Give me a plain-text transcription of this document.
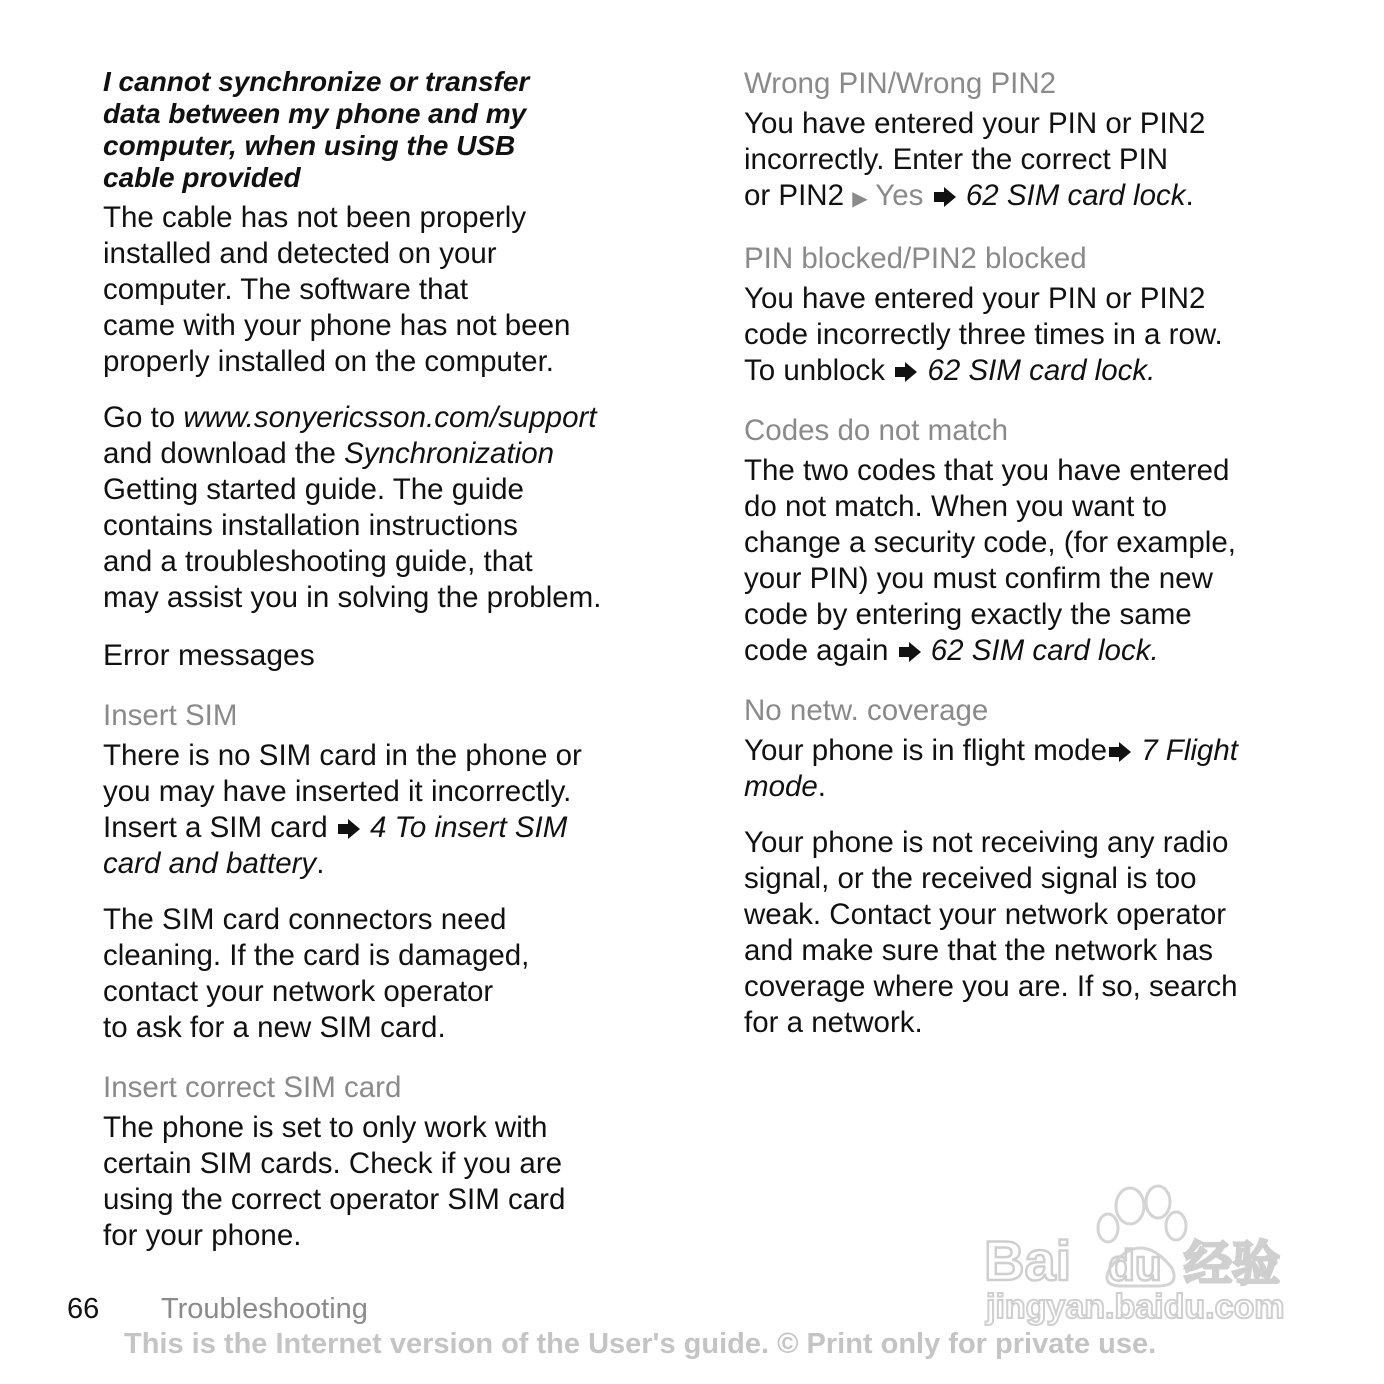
I cannot synchronize or transfer
data between my phone and my
computer, when using the USB
cable provided
The cable has not been properly
installed and detected on your
computer. The software that
came with your phone has not been
properly installed on the computer.
Go to www.sonyericsson.com/support
and download the Synchronization
Getting started guide. The guide
contains installation instructions
and a troubleshooting guide, that
may assist you in solving the problem.
Error messages
Insert SIM
There is no SIM card in the phone or
you may have inserted it incorrectly.
Insert a SIM card  4 To insert SIM
card and battery.
The SIM card connectors need
cleaning. If the card is damaged,
contact your network operator
to ask for a new SIM card.
Insert correct SIM card
The phone is set to only work with
certain SIM cards. Check if you are
using the correct operator SIM card
for your phone.
Wrong PIN/Wrong PIN2
You have entered your PIN or PIN2
incorrectly. Enter the correct PIN
or PIN2 ▶ Yes 62 SIM card lock.
PIN blocked/PIN2 blocked
You have entered your PIN or PIN2
code incorrectly three times in a row.
To unblock  62 SIM card lock.
Codes do not match
The two codes that you have entered
do not match. When you want to
change a security code, (for example,
your PIN) you must confirm the new
code by entering exactly the same
code again  62 SIM card lock.
No netw. coverage
Your phone is in flight mode 7 Flight
mode.
Your phone is not receiving any radio
signal, or the received signal is too
weak. Contact your network operator
and make sure that the network has
coverage where you are. If so, search
for a network.
Bai du 经验
jingyan.baidu.com
66 Troubleshooting
This is the Internet version of the User's guide. © Print only for private use.
